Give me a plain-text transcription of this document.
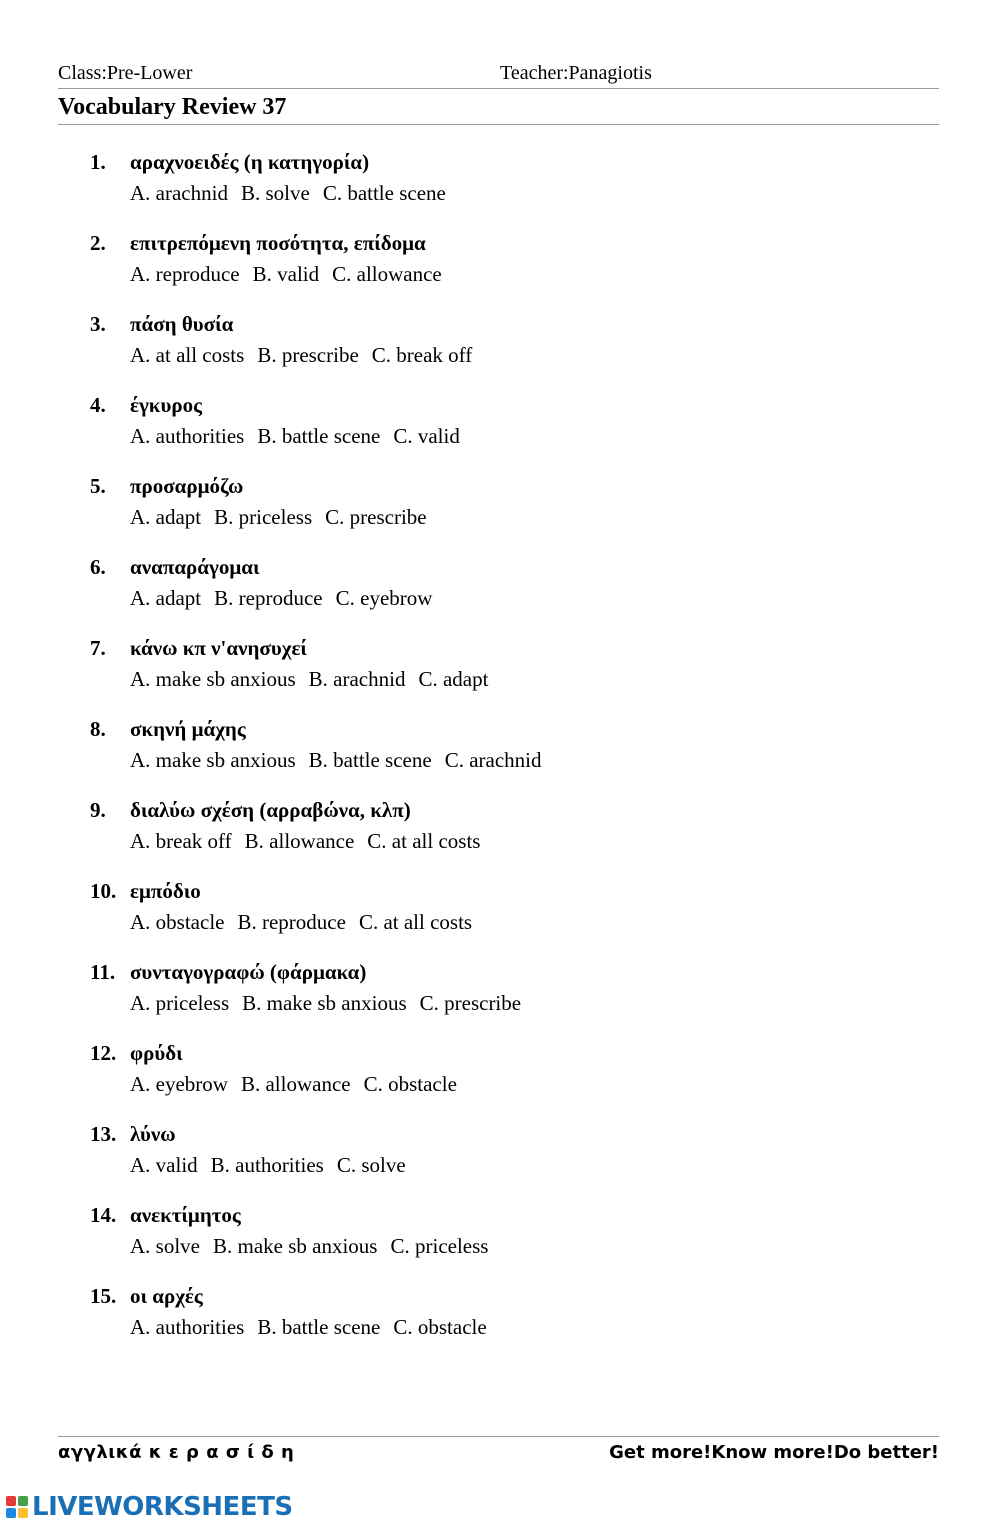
Class:Pre-Lower	Teacher:Panagiotis
Vocabulary Review 37
1. αραχνοειδές (η κατηγορία)
A. arachnid B. solve C. battle scene
2. επιτρεπόμενη ποσότητα, επίδομα
A. reproduce B. valid C. allowance
3. πάση θυσία
A. at all costs B. prescribe C. break off
4. έγκυρος
A. authorities B. battle scene C. valid
5. προσαρμόζω
A. adapt B. priceless C. prescribe
6. αναπαράγομαι
A. adapt B. reproduce C. eyebrow
7. κάνω κπ ν'ανησυχεί
A. make sb anxious B. arachnid C. adapt
8. σκηνή μάχης
A. make sb anxious B. battle scene C. arachnid
9. διαλύω σχέση (αρραβώνα, κλπ)
A. break off B. allowance C. at all costs
10. εμπόδιο
A. obstacle B. reproduce C. at all costs
11. συνταγογραφώ (φάρμακα)
A. priceless B. make sb anxious C. prescribe
12. φρύδι
A. eyebrow B. allowance C. obstacle
13. λύνω
A. valid B. authorities C. solve
14. ανεκτίμητος
A. solve B. make sb anxious C. priceless
15. οι αρχές
A. authorities B. battle scene C. obstacle
αγγλικά κ ε ρ α σ ί δ η	Get more!Know more!Do better!
LIVEWORKSHEETS
